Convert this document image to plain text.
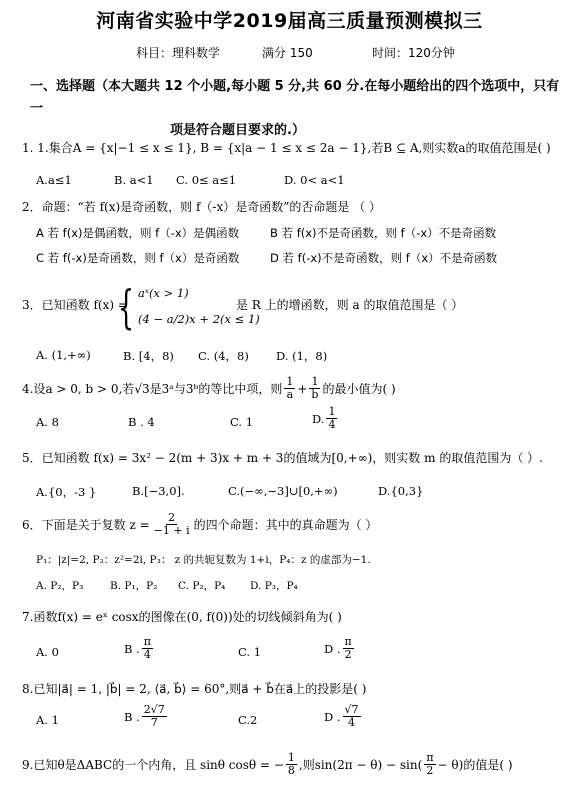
河南省实验中学2019届高三质量预测模拟三
科目：理科数学	满分 150	时间：120分钟
一、选择题（本大题共 12 个小题,每小题 5 分,共 60 分.在每小题给出的四个选项中，只有一
项是符合题目要求的.）
1. 1.集合A = {x|−1 ≤ x ≤ 1}, B = {x|a − 1 ≤ x ≤ 2a − 1},若B ⊆ A,则实数a的取值范围是( )
A.a≤1	B. a<1 C. 0≤ a≤1	D. 0< a<1
2．命题：“若 f(x)是奇函数，则 f（-x）是奇函数”的否命题是 （ ）
A 若 f(x)是偶函数，则 f（-x）是偶函数	B 若 f(x)不是奇函数，则 f（-x）不是奇函数
C 若 f(-x)是奇函数，则 f（x）是奇函数	D 若 f(-x)不是奇函数，则 f（x）不是奇函数
3．已知函数 f(x) =
{ aˣ(x > 1)
(4 − a/2)x + 2(x ≤ 1)
是 R 上的增函数，则 a 的取值范围是（ ）
A. (1,+∞)	B. [4，8) C. (4，8) D. (1，8)
4.设a > 0, b > 0,若√3是3ᵃ与3ᵇ的等比中项，则 $\frac{1}{a} + \frac{1}{b}$ 的最小值为( )
A. 8	B . 4	C. 1	D. $\frac{1}{4}$
5．已知函数 f(x) = 3x² − 2(m + 3)x + m + 3的值域为[0,+∞)，则实数 m 的取值范围为（ ）.
A.{0，-3 }	B.[−3,0].	C.(−∞,−3]∪[0,+∞)	D.{0,3}
6．下面是关于复数 $z = \frac{2}{-1 + i}$ 的四个命题：其中的真命题为（ ）
P₁：|z|=2, P₂：z²=2i, P₃： z 的共轭复数为 1+i，P₄：z 的虚部为−1.
A. P₂，P₃	B. P₁，P₂ C. P₂，P₄ D. P₃，P₄
7.函数f(x) = eˣ cosx的图像在(0, f(0))处的切线倾斜角为( )
A. 0	B . $\frac{\pi}{4}$	C. 1	D . $\frac{\pi}{2}$
8.已知|a⃗| = 1, |b⃗| = 2, ⟨a⃗, b⃗⟩ = 60°,则a⃗ + b⃗在a⃗上的投影是( )
A. 1	B . $\frac{2√7}{7}$	C.2	D . $\frac{√7}{4}$
9.已知θ是ΔABC的一个内角，且 sinθ cosθ = − $\frac{1}{8}$ ,则$\sin(2\pi - \theta) - \sin( \frac{\pi}{2} - \theta)$的值是( )
